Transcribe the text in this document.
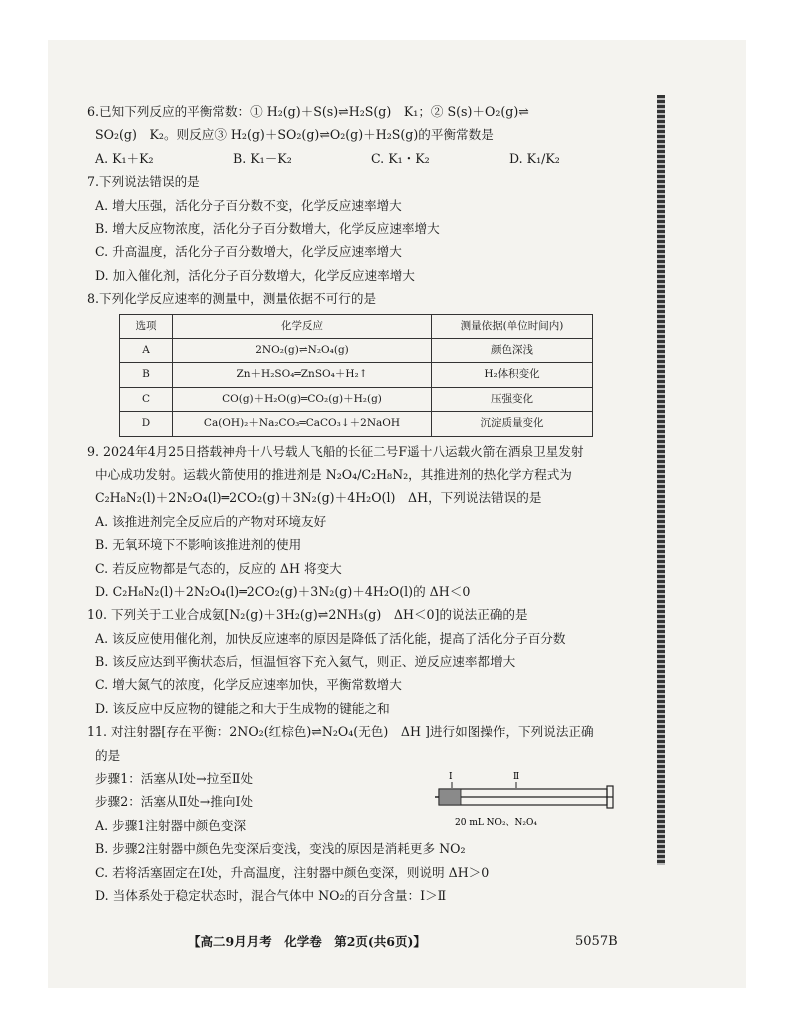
6.已知下列反应的平衡常数：① H₂(g)＋S(s)⇌H₂S(g)　K₁；② S(s)＋O₂(g)⇌
SO₂(g)　K₂。则反应③ H₂(g)＋SO₂(g)⇌O₂(g)＋H₂S(g)的平衡常数是
A. K₁＋K₂	B. K₁－K₂	C. K₁・K₂	D. K₁/K₂
7.下列说法错误的是
A. 增大压强，活化分子百分数不变，化学反应速率增大
B. 增大反应物浓度，活化分子百分数增大，化学反应速率增大
C. 升高温度，活化分子百分数增大，化学反应速率增大
D. 加入催化剂，活化分子百分数增大，化学反应速率增大
8.下列化学反应速率的测量中，测量依据不可行的是
选项	化学反应	测量依据(单位时间内)
A	2NO₂(g)⇌N₂O₄(g)	颜色深浅
B	Zn＋H₂SO₄═ZnSO₄＋H₂↑	H₂体积变化
C	CO(g)＋H₂O(g)═CO₂(g)＋H₂(g)	压强变化
D	Ca(OH)₂＋Na₂CO₃═CaCO₃↓＋2NaOH	沉淀质量变化
9. 2024年4月25日搭载神舟十八号载人飞船的长征二号F遥十八运载火箭在酒泉卫星发射
中心成功发射。运载火箭使用的推进剂是 N₂O₄/C₂H₈N₂，其推进剂的热化学方程式为
C₂H₈N₂(l)＋2N₂O₄(l)═2CO₂(g)＋3N₂(g)＋4H₂O(l)　ΔH，下列说法错误的是
A. 该推进剂完全反应后的产物对环境友好
B. 无氧环境下不影响该推进剂的使用
C. 若反应物都是气态的，反应的 ΔH 将变大
D. C₂H₈N₂(l)＋2N₂O₄(l)═2CO₂(g)＋3N₂(g)＋4H₂O(l)的 ΔH＜0
10. 下列关于工业合成氨[N₂(g)＋3H₂(g)⇌2NH₃(g)　ΔH＜0]的说法正确的是
A. 该反应使用催化剂，加快反应速率的原因是降低了活化能，提高了活化分子百分数
B. 该反应达到平衡状态后，恒温恒容下充入氦气，则正、逆反应速率都增大
C. 增大氮气的浓度，化学反应速率加快，平衡常数增大
D. 该反应中反应物的键能之和大于生成物的键能之和
11. 对注射器[存在平衡：2NO₂(红棕色)⇌N₂O₄(无色)　ΔH ]进行如图操作，下列说法正确
的是
步骤1：活塞从Ⅰ处→拉至Ⅱ处
步骤2：活塞从Ⅱ处→推向Ⅰ处
A. 步骤1注射器中颜色变深
B. 步骤2注射器中颜色先变深后变浅，变浅的原因是消耗更多 NO₂
C. 若将活塞固定在Ⅰ处，升高温度，注射器中颜色变深，则说明 ΔH＞0
D. 当体系处于稳定状态时，混合气体中 NO₂的百分含量：Ⅰ＞Ⅱ
Ⅰ	Ⅱ
20 mL NO₂、N₂O₄
【高二9月月考　化学卷　第2页(共6页)】	5057B
